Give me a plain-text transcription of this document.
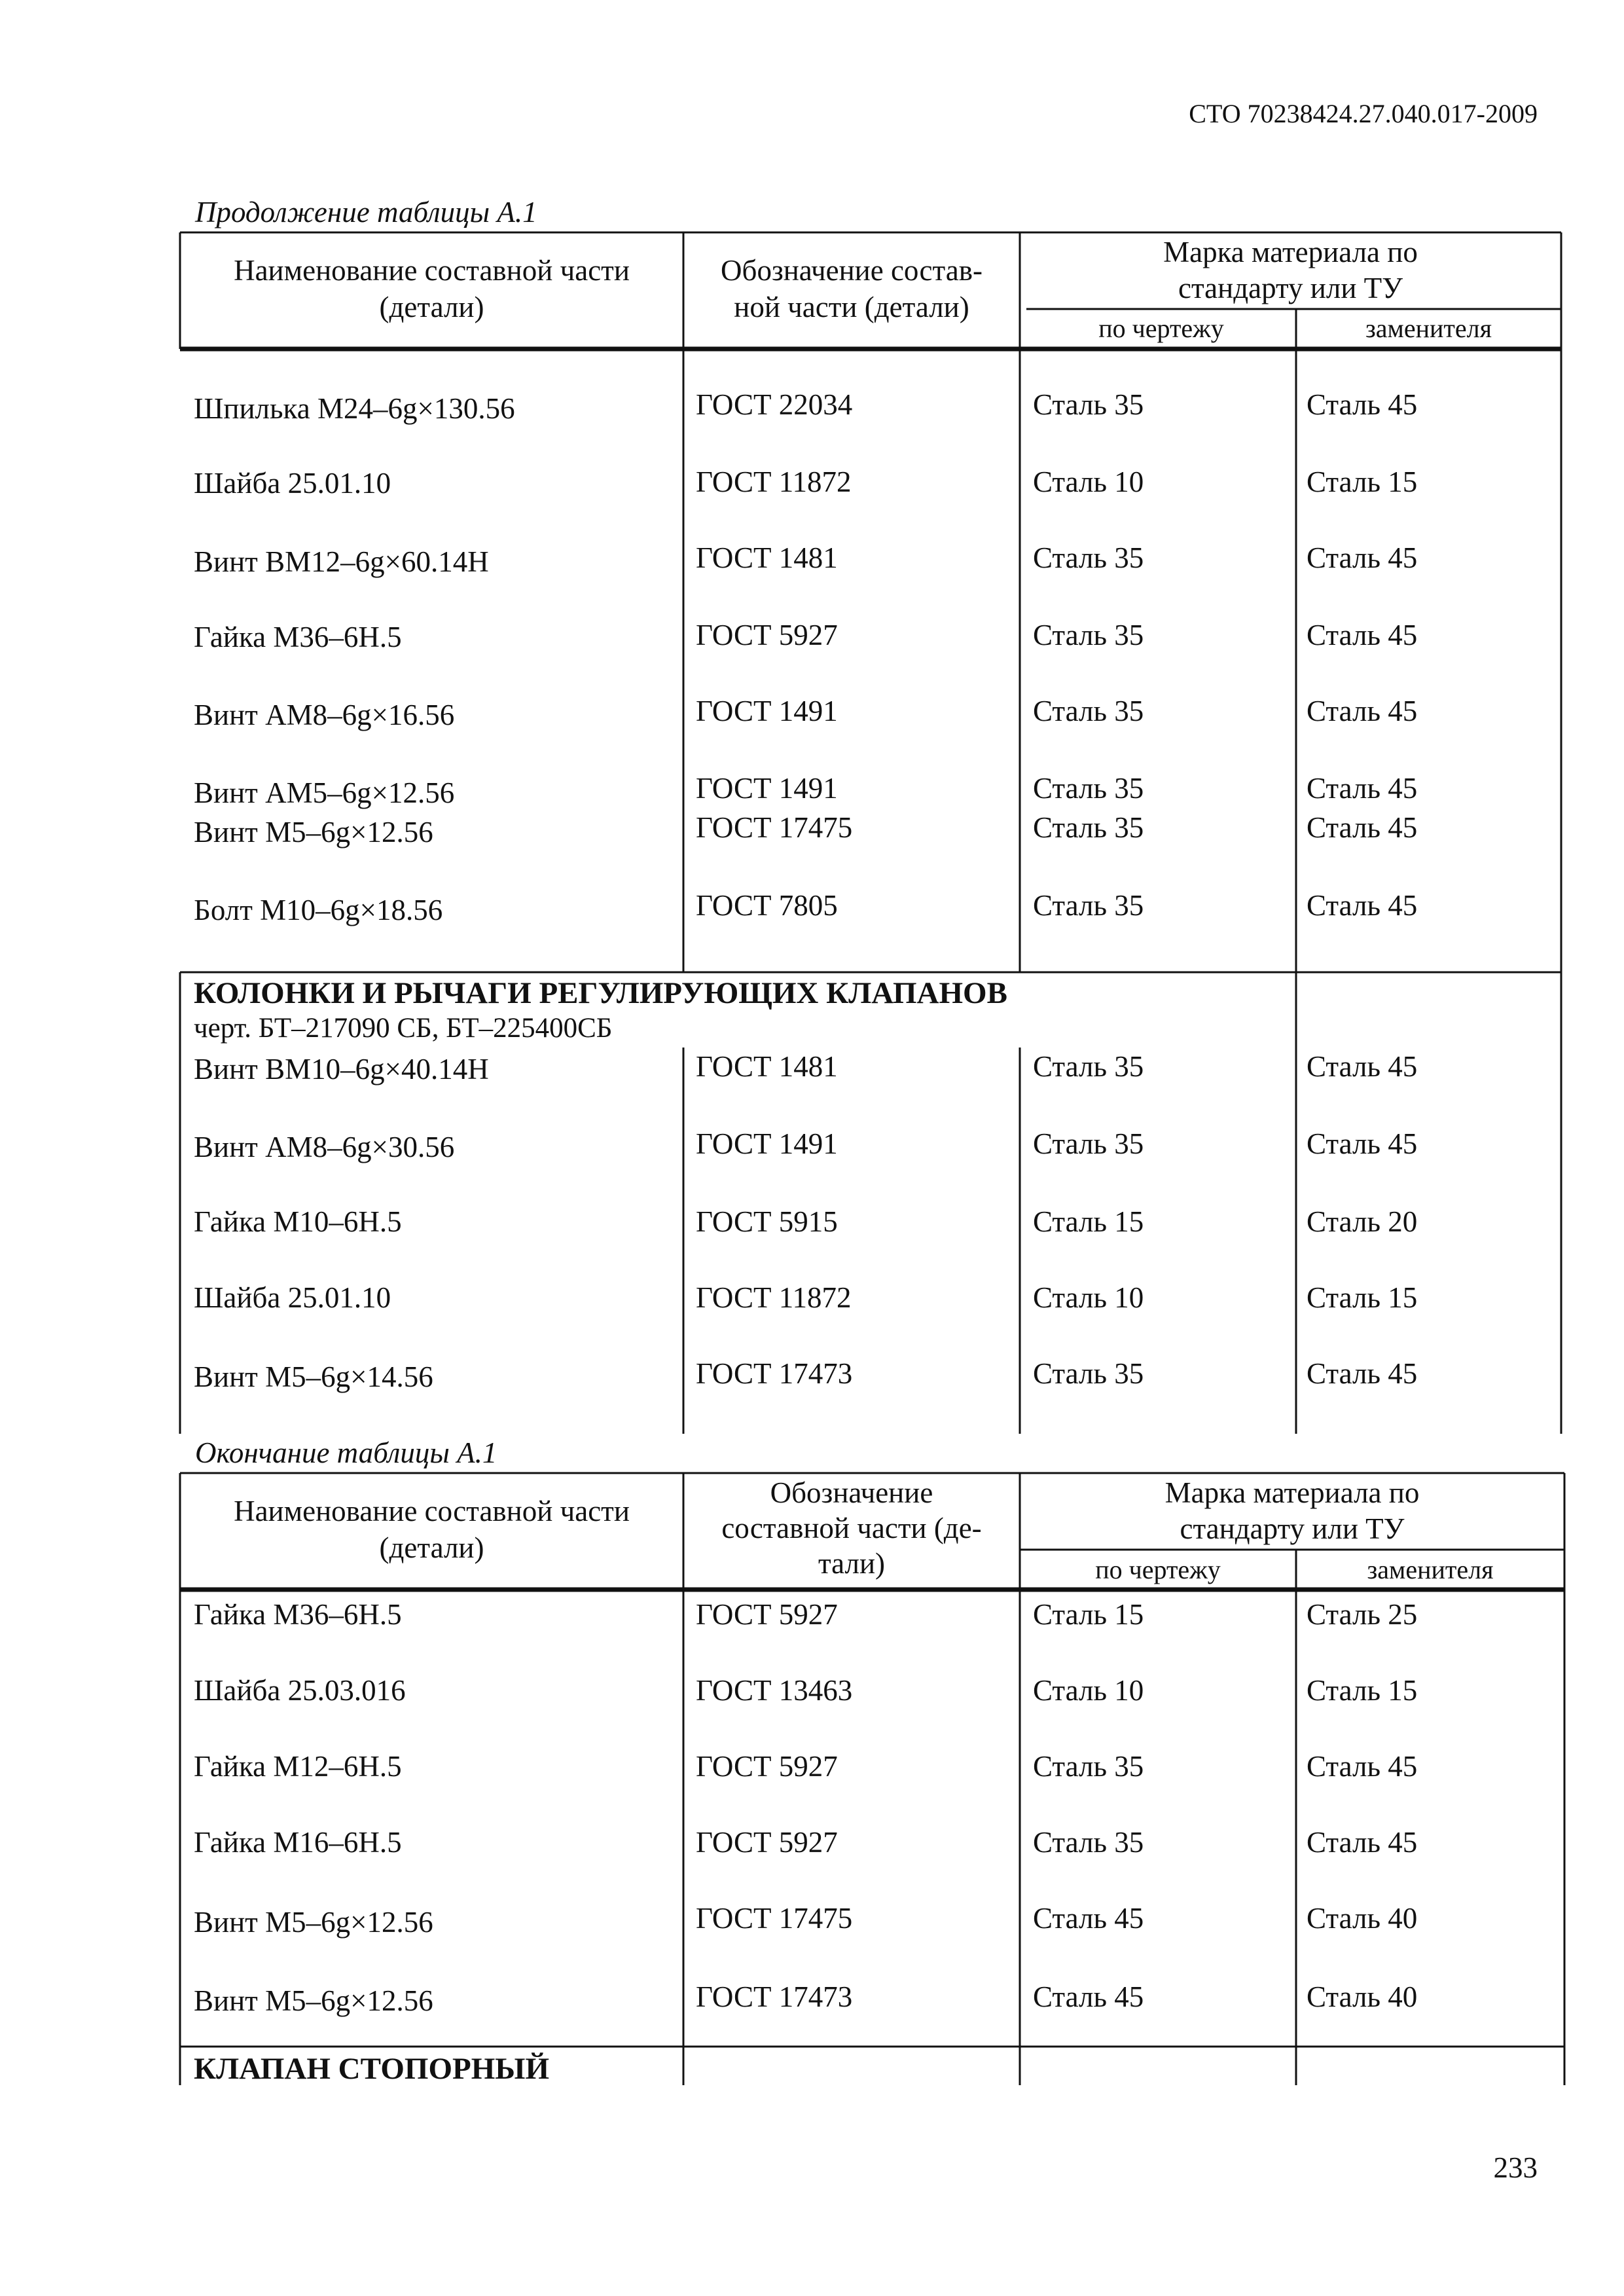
СТО 70238424.27.040.017-2009
Продолжение таблицы А.1
Наименование составной части
(детали)
Обозначение состав-
ной части (детали)
Марка материала по
стандарту или ТУ
по чертежу	заменителя
Шпилька М24–6g×130.56	ГОСТ 22034	Сталь 35	Сталь 45
Шайба 25.01.10	ГОСТ 11872	Сталь 10	Сталь 15
Винт ВМ12–6g×60.14Н	ГОСТ 1481	Сталь 35	Сталь 45
Гайка М36–6Н.5	ГОСТ 5927	Сталь 35	Сталь 45
Винт АМ8–6g×16.56	ГОСТ 1491	Сталь 35	Сталь 45
Винт АМ5–6g×12.56	ГОСТ 1491	Сталь 35	Сталь 45
Винт М5–6g×12.56	ГОСТ 17475	Сталь 35	Сталь 45
Болт М10–6g×18.56	ГОСТ 7805	Сталь 35	Сталь 45
КОЛОНКИ И РЫЧАГИ РЕГУЛИРУЮЩИХ КЛАПАНОВ
черт. БТ–217090 СБ, БТ–225400СБ
Винт ВМ10–6g×40.14Н	ГОСТ 1481	Сталь 35	Сталь 45
Винт АМ8–6g×30.56	ГОСТ 1491	Сталь 35	Сталь 45
Гайка М10–6Н.5	ГОСТ 5915	Сталь 15	Сталь 20
Шайба 25.01.10	ГОСТ 11872	Сталь 10	Сталь 15
Винт М5–6g×14.56	ГОСТ 17473	Сталь 35	Сталь 45
Окончание таблицы А.1
Наименование составной части
(детали)
Обозначение
составной части (де-
тали)
Марка материала по
стандарту или ТУ
по чертежу	заменителя
Гайка М36–6Н.5	ГОСТ 5927	Сталь 15	Сталь 25
Шайба 25.03.016	ГОСТ 13463	Сталь 10	Сталь 15
Гайка М12–6Н.5	ГОСТ 5927	Сталь 35	Сталь 45
Гайка М16–6Н.5	ГОСТ 5927	Сталь 35	Сталь 45
Винт М5–6g×12.56	ГОСТ 17475	Сталь 45	Сталь 40
Винт М5–6g×12.56	ГОСТ 17473	Сталь 45	Сталь 40
КЛАПАН СТОПОРНЫЙ
233
